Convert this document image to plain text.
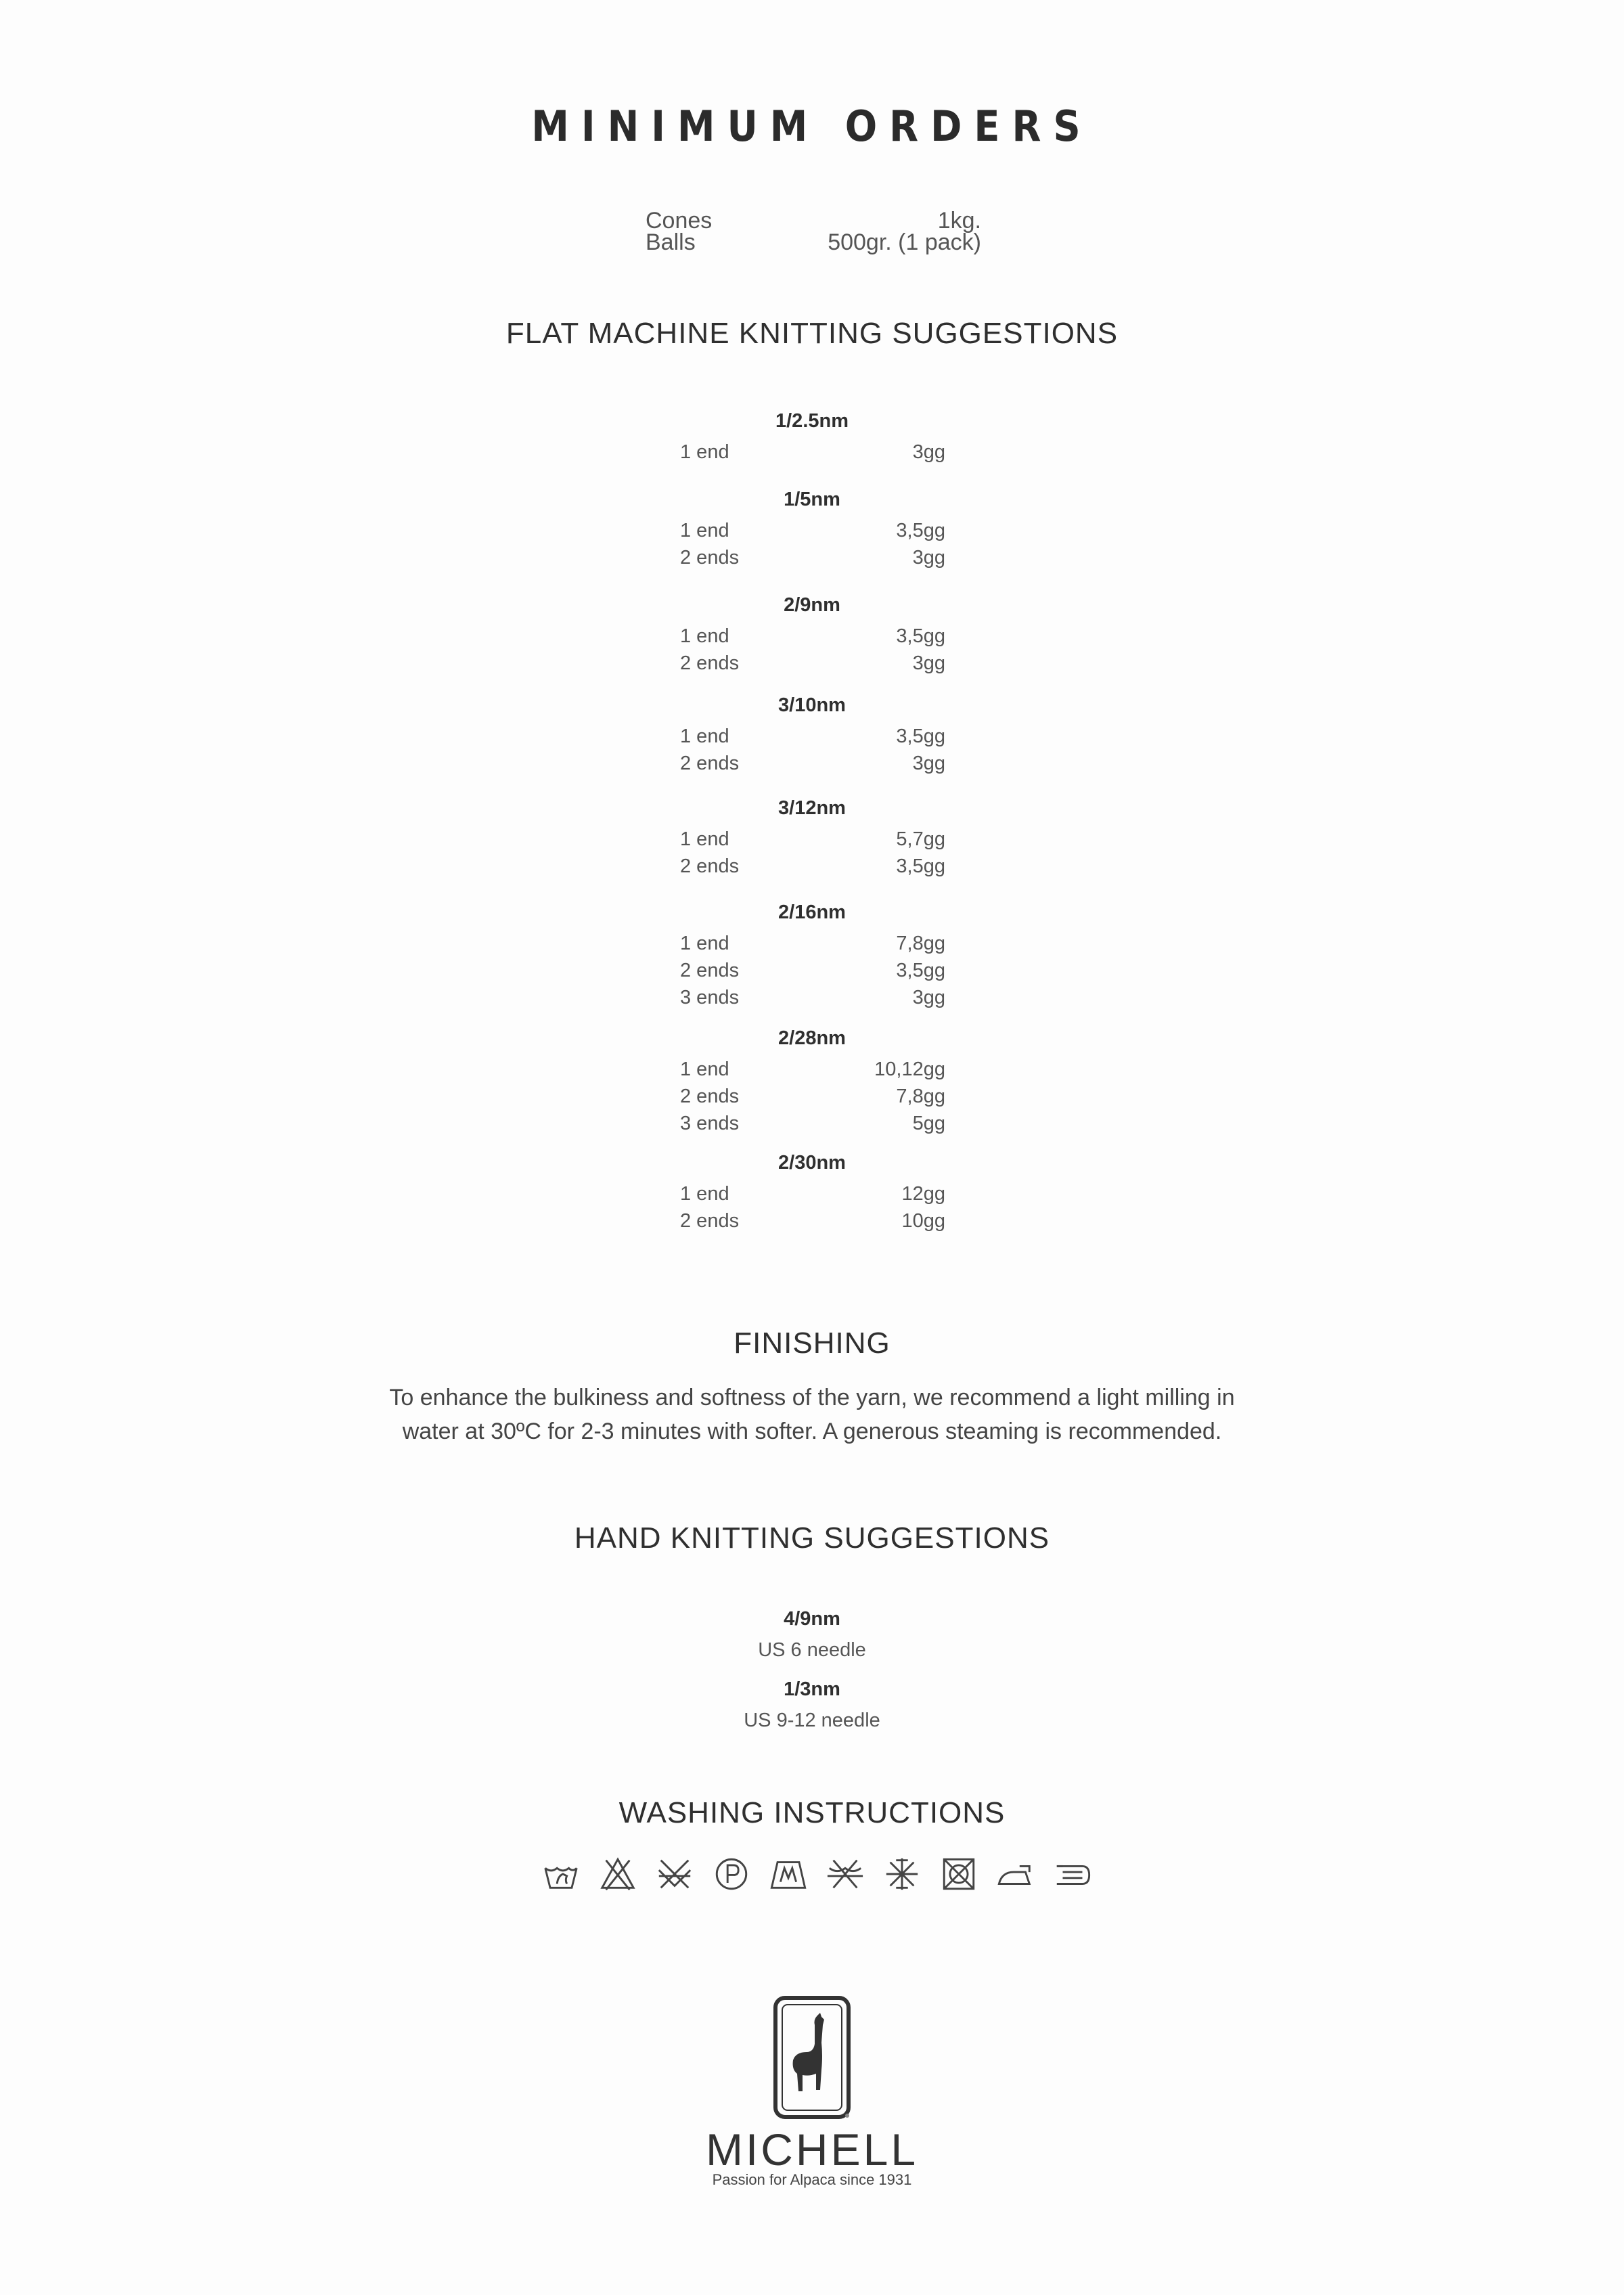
MINIMUM ORDERS
Cones	1kg.
Balls	500gr. (1 pack)
FLAT MACHINE KNITTING SUGGESTIONS
1/2.5nm
1 end	3gg
1/5nm
1 end	3,5gg
2 ends	3gg
2/9nm
1 end	3,5gg
2 ends	3gg
3/10nm
1 end	3,5gg
2 ends	3gg
3/12nm
1 end	5,7gg
2 ends	3,5gg
2/16nm
1 end	7,8gg
2 ends	3,5gg
3 ends	3gg
2/28nm
1 end	10,12gg
2 ends	7,8gg
3 ends	5gg
2/30nm
1 end	12gg
2 ends	10gg
FINISHING
To enhance the bulkiness and softness of the yarn, we recommend a light milling in
water at 30ºC for 2-3 minutes with softer. A generous steaming is recommended.
HAND KNITTING SUGGESTIONS
4/9nm
US 6 needle
1/3nm
US 9-12 needle
WASHING INSTRUCTIONS
MICHELL
Passion for Alpaca since 1931
